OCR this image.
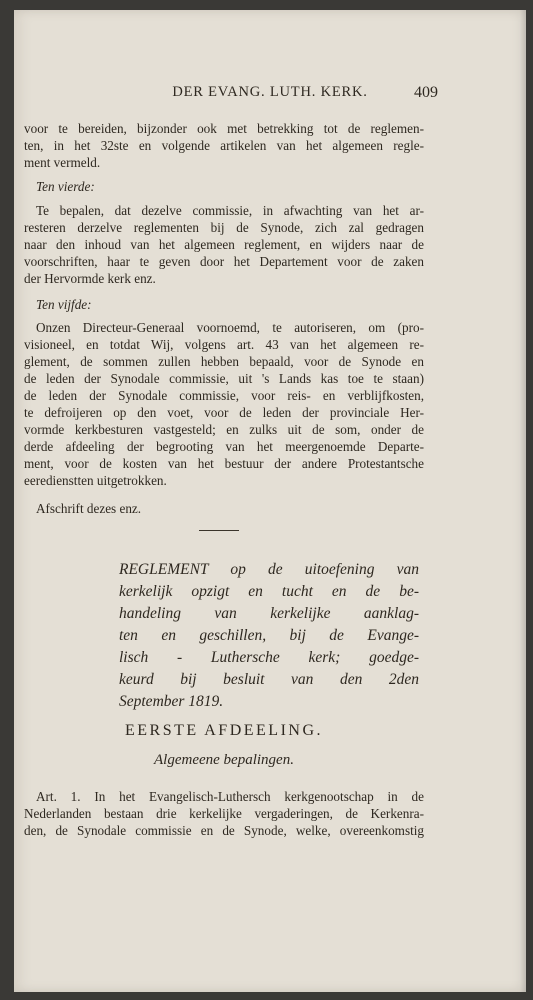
DER EVANG. LUTH. KERK.	409
voor te bereiden, bijzonder ook met betrekking tot de reglemen-
ten, in het 32ste en volgende artikelen van het algemeen regle-
ment vermeld.
Ten vierde:
Te bepalen, dat dezelve commissie, in afwachting van het ar-
resteren derzelve reglementen bij de Synode, zich zal gedragen
naar den inhoud van het algemeen reglement, en wijders naar de
voorschriften, haar te geven door het Departement voor de zaken
der Hervormde kerk enz.
Ten vijfde:
Onzen Directeur-Generaal voornoemd, te autoriseren, om (pro-
visioneel, en totdat Wij, volgens art. 43 van het algemeen re-
glement, de sommen zullen hebben bepaald, voor de Synode en
de leden der Synodale commissie, uit 's Lands kas toe te staan)
de leden der Synodale commissie, voor reis- en verblijfkosten,
te defroijeren op den voet, voor de leden der provinciale Her-
vormde kerkbesturen vastgesteld; en zulks uit de som, onder de
derde afdeeling der begrooting van het meergenoemde Departe-
ment, voor de kosten van het bestuur der andere Protestantsche
eeredienstten uitgetrokken.
Afschrift dezes enz.
REGLEMENT op de uitoefening van
kerkelijk opzigt en tucht en de be-
handeling van kerkelijke aanklag-
ten en geschillen, bij de Evange-
lisch - Luthersche kerk; goedge-
keurd bij besluit van den 2den
September 1819.
EERSTE AFDEELING.
Algemeene bepalingen.
Art. 1. In het Evangelisch-Luthersch kerkgenootschap in de
Nederlanden bestaan drie kerkelijke vergaderingen, de Kerkenra-
den, de Synodale commissie en de Synode, welke, overeenkomstig
